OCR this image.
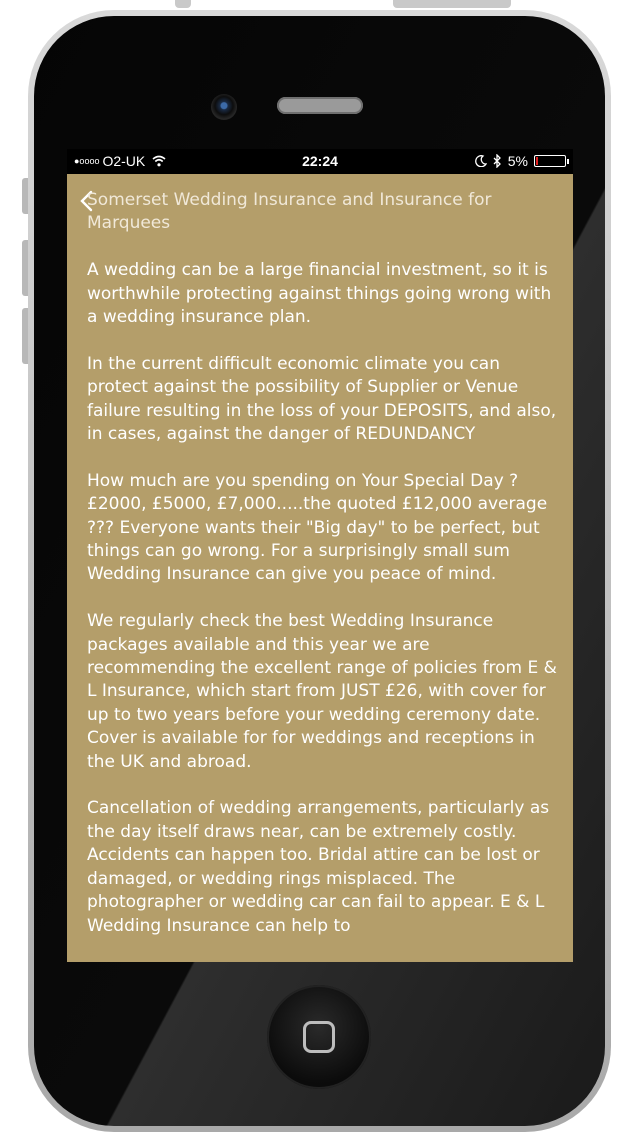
●oooo O2-UK	22:24	5%

Somerset Wedding Insurance and Insurance for Marquees

A wedding can be a large financial investment, so it is worthwhile protecting against things going wrong with a wedding insurance plan.

In the current difficult economic climate you can protect against the possibility of Supplier or Venue failure resulting in the loss of your DEPOSITS, and also, in cases, against the danger of REDUNDANCY

How much are you spending on Your Special Day ? £2000, £5000, £7,000.....the quoted £12,000 average ??? Everyone wants their "Big day" to be perfect, but things can go wrong. For a surprisingly small sum Wedding Insurance can give you peace of mind.

We regularly check the best Wedding Insurance packages available and this year we are recommending the excellent range of policies from E & L Insurance, which start from JUST £26, with cover for up to two years before your wedding ceremony date. Cover is available for for weddings and receptions in the UK and abroad.

Cancellation of wedding arrangements, particularly as the day itself draws near, can be extremely costly. Accidents can happen too. Bridal attire can be lost or damaged, or wedding rings misplaced. The photographer or wedding car can fail to appear. E & L Wedding Insurance can help to
